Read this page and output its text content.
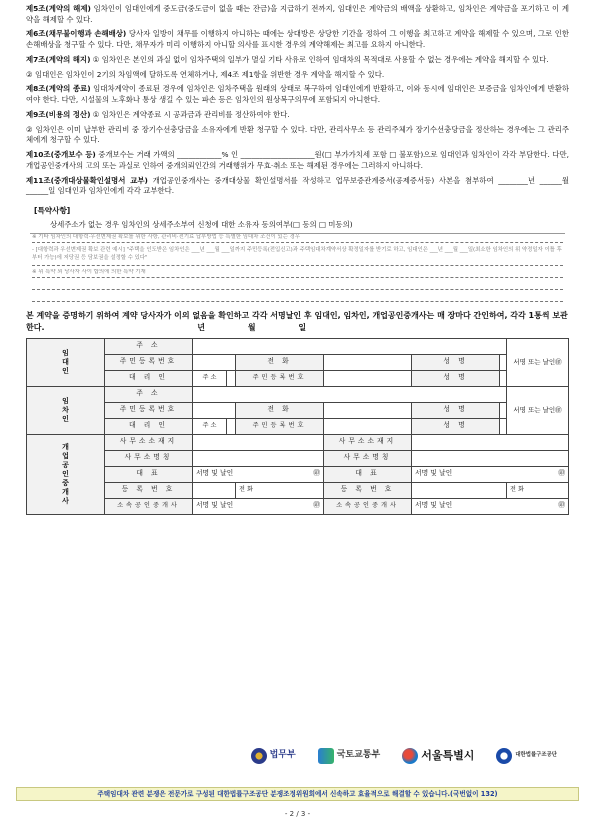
제5조(계약의 해제) 임차인이 임대인에게 중도금(중도금이 없을 때는 잔금)을 지급하기 전까지, 임대인은 계약금의 배액을 상환하고, 임차인은 계약금을 포기하고 이 계약을 해제할 수 있다.

제6조(채무불이행과 손해배상) 당사자 일방이 채무를 이행하지 아니하는 때에는 상대방은 상당한 기간을 정하여 그 이행을 최고하고 계약을 해제할 수 있으며, 그로 인한 손해배상을 청구할 수 있다. 다만, 채무자가 미리 이행하지 아니할 의사를 표시한 경우의 계약해제는 최고를 요하지 아니한다.

제7조(계약의 해지) ① 임차인은 본인의 과실 없이 임차주택의 일부가 멸실 기타 사유로 인하여 임대차의 목적대로 사용할 수 없는 경우에는 계약을 해지할 수 있다.

② 임대인은 임차인이 2기의 차임액에 달하도록 연체하거나, 제4조 제1항을 위반한 경우 계약을 해지할 수 있다.

제8조(계약의 종료) 임대차계약이 종료된 경우에 임차인은 임차주택을 원래의 상태로 복구하여 임대인에게 반환하고, 이와 동시에 임대인은 보증금을 임차인에게 반환하여야 한다. 다만, 시설물의 노후화나 통상 생길 수 있는 파손 등은 임차인의 원상복구의무에 포함되지 아니한다.

제9조(비용의 정산) ① 임차인은 계약종료 시 공과금과 관리비를 정산하여야 한다.

② 임차인은 이미 납부한 관리비 중 장기수선충당금을 소유자에게 반환 청구할 수 있다. 다만, 관리사무소 등 관리주체가 장기수선충당금을 정산하는 경우에는 그 관리주체에게 청구할 수 있다.

제10조(중개보수 등) 중개보수는 거래 가액의 ____________% 인 ____________________원(□ 부가가치세 포함 □ 불포함)으로 임대인과 임차인이 각각 부담한다. 다만, 개업공인중개사의 고의 또는 과실로 인하여 중개의뢰인간의 거래행위가 무효·취소 또는 해제된 경우에는 그러하지 아니하다.

제11조(중개대상물확인설명서 교부) 개업공인중개사는 중개대상물 확인설명서를 작성하고 업무보증관계증서(공제증서등) 사본을 첨부하여 ________년 ______월 ______일 임대인과 임차인에게 각각 교부한다.

[특약사항]
상세주소가 없는 경우 임차인의 상세주소부여 신청에 대한 소유자 동의여부(□ 동의 □ 미동의)
※ 기타 임차인의 대항력·우선변제권 확보를 위한 사항, 관리비·전기료 납부방법 등 특별한 임대차 조건이 있는 경우
- [대항력과 우선변제권 확보 관련 예시] "주택을 인도받은 임차인은 ___년 ___월 ___일까지 주민등록(전입신고)과 주택임대차계약서상 확정일자를 받기로 하고, 임대인은 ___년 ___월 ___일(최소한 임차인의 위 약정일자 이틀 후부터 가능)에 저당권 등 담보권을 설정할 수 있다"
※ 위 특약 외 당사자 사이 합의에 의한 특약 기재
본 계약을 증명하기 위하여 계약 당사자가 이의 없음을 확인하고 각각 서명날인 후 임대인, 임차인, 개업공인중개사는 매 장마다 간인하여, 각각 1통씩 보관한다.	년	월	일
임대인	주 소							서명 또는 날인㊞
	주민등록번호			전 화		성 명		
	대 리 인	주 소		주민등록번호		성 명		
임차인	주 소							서명 또는 날인㊞
	주민등록번호			전 화		성 명		
	대 리 인	주 소		주민등록번호		성 명		
개업공인중개사	사무소소재지				사무소소재지			
	사무소명칭				사무소명칭			
	대 표	서명 및 날인 ㊞			대 표	서명 및 날인 ㊞		

	등 록 번 호			전 화	등 록 번 호			전 화
	소속공인중개사	서명 및 날인 ㊞			소속공인중개사	서명 및 날인 ㊞		
법무부	국토교통부	서울특별시	대한법률구조공단
주택임대차 관련 분쟁은 전문가로 구성된 대한법률구조공단 분쟁조정위원회에서 신속하고 효율적으로 해결할 수 있습니다.(국번없이 132)
- 2 / 3 -
